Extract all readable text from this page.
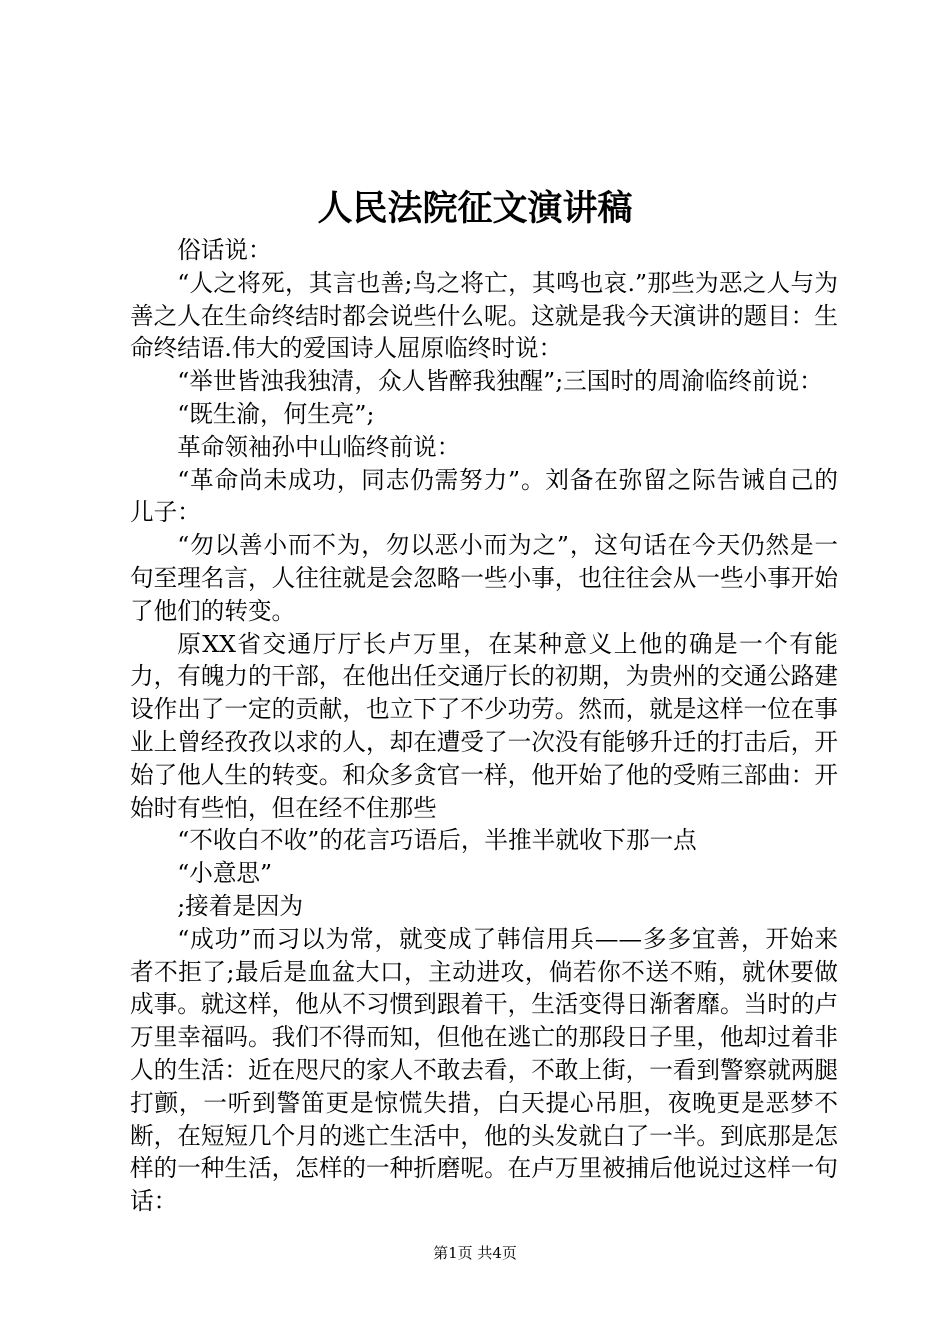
人民法院征文演讲稿

俗话说：

“人之将死，其言也善;鸟之将亡，其鸣也哀.”那些为恶之人与为善之人在生命终结时都会说些什么呢。这就是我今天演讲的题目：生命终结语.伟大的爱国诗人屈原临终时说：

“举世皆浊我独清，众人皆醉我独醒”;三国时的周渝临终前说：

“既生渝，何生亮”;

革命领袖孙中山临终前说：

“革命尚未成功，同志仍需努力”。刘备在弥留之际告诫自己的儿子：

“勿以善小而不为，勿以恶小而为之”，这句话在今天仍然是一句至理名言，人往往就是会忽略一些小事，也往往会从一些小事开始了他们的转变。

原XX省交通厅厅长卢万里，在某种意义上他的确是一个有能力，有魄力的干部，在他出任交通厅长的初期，为贵州的交通公路建设作出了一定的贡献，也立下了不少功劳。然而，就是这样一位在事业上曾经孜孜以求的人，却在遭受了一次没有能够升迁的打击后，开始了他人生的转变。和众多贪官一样，他开始了他的受贿三部曲：开始时有些怕，但在经不住那些

“不收白不收”的花言巧语后，半推半就收下那一点

“小意思”

;接着是因为

“成功”而习以为常，就变成了韩信用兵——多多宜善，开始来者不拒了;最后是血盆大口，主动进攻，倘若你不送不贿，就休要做成事。就这样，他从不习惯到跟着干，生活变得日渐奢靡。当时的卢万里幸福吗。我们不得而知，但他在逃亡的那段日子里，他却过着非人的生活：近在咫尺的家人不敢去看，不敢上街，一看到警察就两腿打颤，一听到警笛更是惊慌失措，白天提心吊胆，夜晚更是恶梦不断，在短短几个月的逃亡生活中，他的头发就白了一半。到底那是怎样的一种生活，怎样的一种折磨呢。在卢万里被捕后他说过这样一句话：

第1页 共4页
